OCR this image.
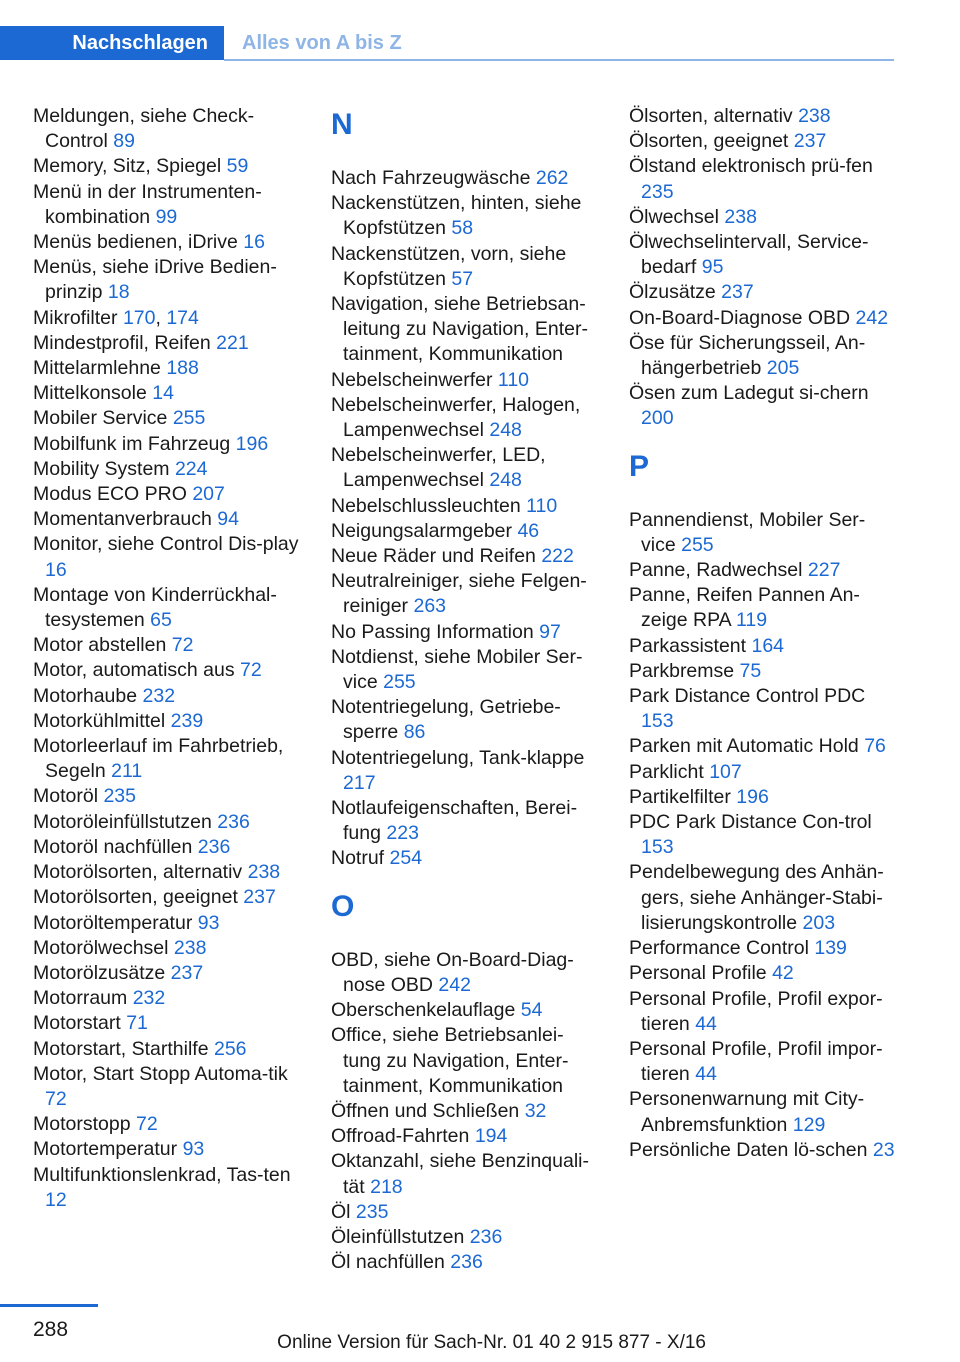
Nachschlagen	Alles von A bis Z

Meldungen, siehe Check-Control 89

Memory, Sitz, Spiegel 59

Menü in der Instrumenten-kombination 99

Menüs bedienen, iDrive 16

Menüs, siehe iDrive Bedien-prinzip 18

Mikrofilter 170, 174

Mindestprofil, Reifen 221

Mittelarmlehne 188

Mittelkonsole 14

Mobiler Service 255

Mobilfunk im Fahrzeug 196

Mobility System 224

Modus ECO PRO 207

Momentanverbrauch 94

Monitor, siehe Control Dis-play 16

Montage von Kinderrückhal-tesystemen 65

Motor abstellen 72

Motor, automatisch aus 72

Motorhaube 232

Motorkühlmittel 239

Motorleerlauf im Fahrbetrieb, Segeln 211

Motoröl 235

Motoröleinfüllstutzen 236

Motoröl nachfüllen 236

Motorölsorten, alternativ 238

Motorölsorten, geeignet 237

Motoröltemperatur 93

Motorölwechsel 238

Motorölzusätze 237

Motorraum 232

Motorstart 71

Motorstart, Starthilfe 256

Motor, Start Stopp Automa-tik 72

Motorstopp 72

Motortemperatur 93

Multifunktionslenkrad, Tas-ten 12

N

Nach Fahrzeugwäsche 262

Nackenstützen, hinten, siehe Kopfstützen 58

Nackenstützen, vorn, siehe Kopfstützen 57

Navigation, siehe Betriebsan-leitung zu Navigation, Enter-tainment, Kommunikation

Nebelscheinwerfer 110

Nebelscheinwerfer, Halogen, Lampenwechsel 248

Nebelscheinwerfer, LED, Lampenwechsel 248

Nebelschlussleuchten 110

Neigungsalarmgeber 46

Neue Räder und Reifen 222

Neutralreiniger, siehe Felgen-reiniger 263

No Passing Information 97

Notdienst, siehe Mobiler Ser-vice 255

Notentriegelung, Getriebe-sperre 86

Notentriegelung, Tank-klappe 217

Notlaufeigenschaften, Berei-fung 223

Notruf 254

O

OBD, siehe On-Board-Diag-nose OBD 242

Oberschenkelauflage 54

Office, siehe Betriebsanlei-tung zu Navigation, Enter-tainment, Kommunikation

Öffnen und Schließen 32

Offroad-Fahrten 194

Oktanzahl, siehe Benzinquali-tät 218

Öl 235

Öleinfüllstutzen 236

Öl nachfüllen 236

Ölsorten, alternativ 238

Ölsorten, geeignet 237

Ölstand elektronisch prü-fen 235

Ölwechsel 238

Ölwechselintervall, Service-bedarf 95

Ölzusätze 237

On-Board-Diagnose OBD 242

Öse für Sicherungsseil, An-hängerbetrieb 205

Ösen zum Ladegut si-chern 200

P

Pannendienst, Mobiler Ser-vice 255

Panne, Radwechsel 227

Panne, Reifen Pannen An-zeige RPA 119

Parkassistent 164

Parkbremse 75

Park Distance Control PDC 153

Parken mit Automatic Hold 76

Parklicht 107

Partikelfilter 196

PDC Park Distance Con-trol 153

Pendelbewegung des Anhän-gers, siehe Anhänger-Stabi-lisierungskontrolle 203

Performance Control 139

Personal Profile 42

Personal Profile, Profil expor-tieren 44

Personal Profile, Profil impor-tieren 44

Personenwarnung mit City-Anbremsfunktion 129

Persönliche Daten lö-schen 23

288
Online Version für Sach-Nr. 01 40 2 915 877 - X/16
